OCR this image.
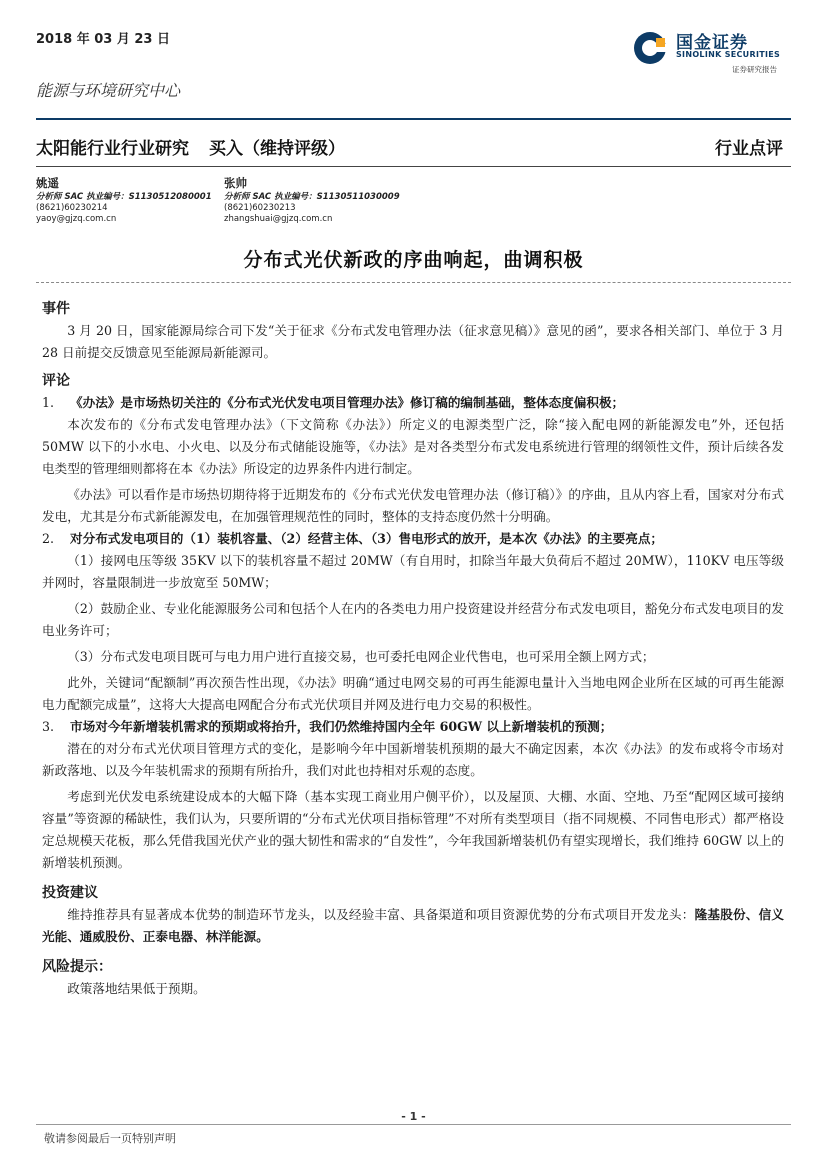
2018 年 03 月 23 日	国金证券
SINOLINK SECURITIES
证券研究报告
能源与环境研究中心
太阳能行业行业研究 买入（维持评级）	行业点评
姚遥
分析师 SAC 执业编号：S1130512080001
(8621)60230214
yaoy@gjzq.com.cn
张帅
分析师 SAC 执业编号：S1130511030009
(8621)60230213
zhangshuai@gjzq.com.cn
分布式光伏新政的序曲响起，曲调积极

事件

3 月 20 日，国家能源局综合司下发“关于征求《分布式发电管理办法（征求意见稿）》意见的函”，要求各相关部门、单位于 3 月 28 日前提交反馈意见至能源局新能源司。

评论

1. 《办法》是市场热切关注的《分布式光伏发电项目管理办法》修订稿的编制基础，整体态度偏积极；

本次发布的《分布式发电管理办法》（下文简称《办法》）所定义的电源类型广泛，除“接入配电网的新能源发电”外，还包括 50MW 以下的小水电、小火电、以及分布式储能设施等，《办法》是对各类型分布式发电系统进行管理的纲领性文件，预计后续各发电类型的管理细则都将在本《办法》所设定的边界条件内进行制定。

《办法》可以看作是市场热切期待将于近期发布的《分布式光伏发电管理办法（修订稿）》的序曲，且从内容上看，国家对分布式发电，尤其是分布式新能源发电，在加强管理规范性的同时，整体的支持态度仍然十分明确。

2. 对分布式发电项目的（1）装机容量、（2）经营主体、（3）售电形式的放开，是本次《办法》的主要亮点；

（1）接网电压等级 35KV 以下的装机容量不超过 20MW（有自用时，扣除当年最大负荷后不超过 20MW），110KV 电压等级并网时，容量限制进一步放宽至 50MW；

（2）鼓励企业、专业化能源服务公司和包括个人在内的各类电力用户投资建设并经营分布式发电项目，豁免分布式发电项目的发电业务许可；

（3）分布式发电项目既可与电力用户进行直接交易，也可委托电网企业代售电，也可采用全额上网方式；

此外，关键词“配额制”再次预告性出现，《办法》明确“通过电网交易的可再生能源电量计入当地电网企业所在区域的可再生能源电力配额完成量”，这将大大提高电网配合分布式光伏项目并网及进行电力交易的积极性。

3. 市场对今年新增装机需求的预期或将抬升，我们仍然维持国内全年 60GW 以上新增装机的预测；

潜在的对分布式光伏项目管理方式的变化，是影响今年中国新增装机预期的最大不确定因素，本次《办法》的发布或将令市场对新政落地、以及今年装机需求的预期有所抬升，我们对此也持相对乐观的态度。

考虑到光伏发电系统建设成本的大幅下降（基本实现工商业用户侧平价），以及屋顶、大棚、水面、空地、乃至“配网区域可接纳容量”等资源的稀缺性，我们认为，只要所谓的“分布式光伏项目指标管理”不对所有类型项目（指不同规模、不同售电形式）都严格设定总规模天花板，那么凭借我国光伏产业的强大韧性和需求的“自发性”，今年我国新增装机仍有望实现增长，我们维持 60GW 以上的新增装机预测。

投资建议

维持推荐具有显著成本优势的制造环节龙头，以及经验丰富、具备渠道和项目资源优势的分布式项目开发龙头：隆基股份、信义光能、通威股份、正泰电器、林洋能源。

风险提示：

政策落地结果低于预期。

- 1 -
敬请参阅最后一页特别声明
